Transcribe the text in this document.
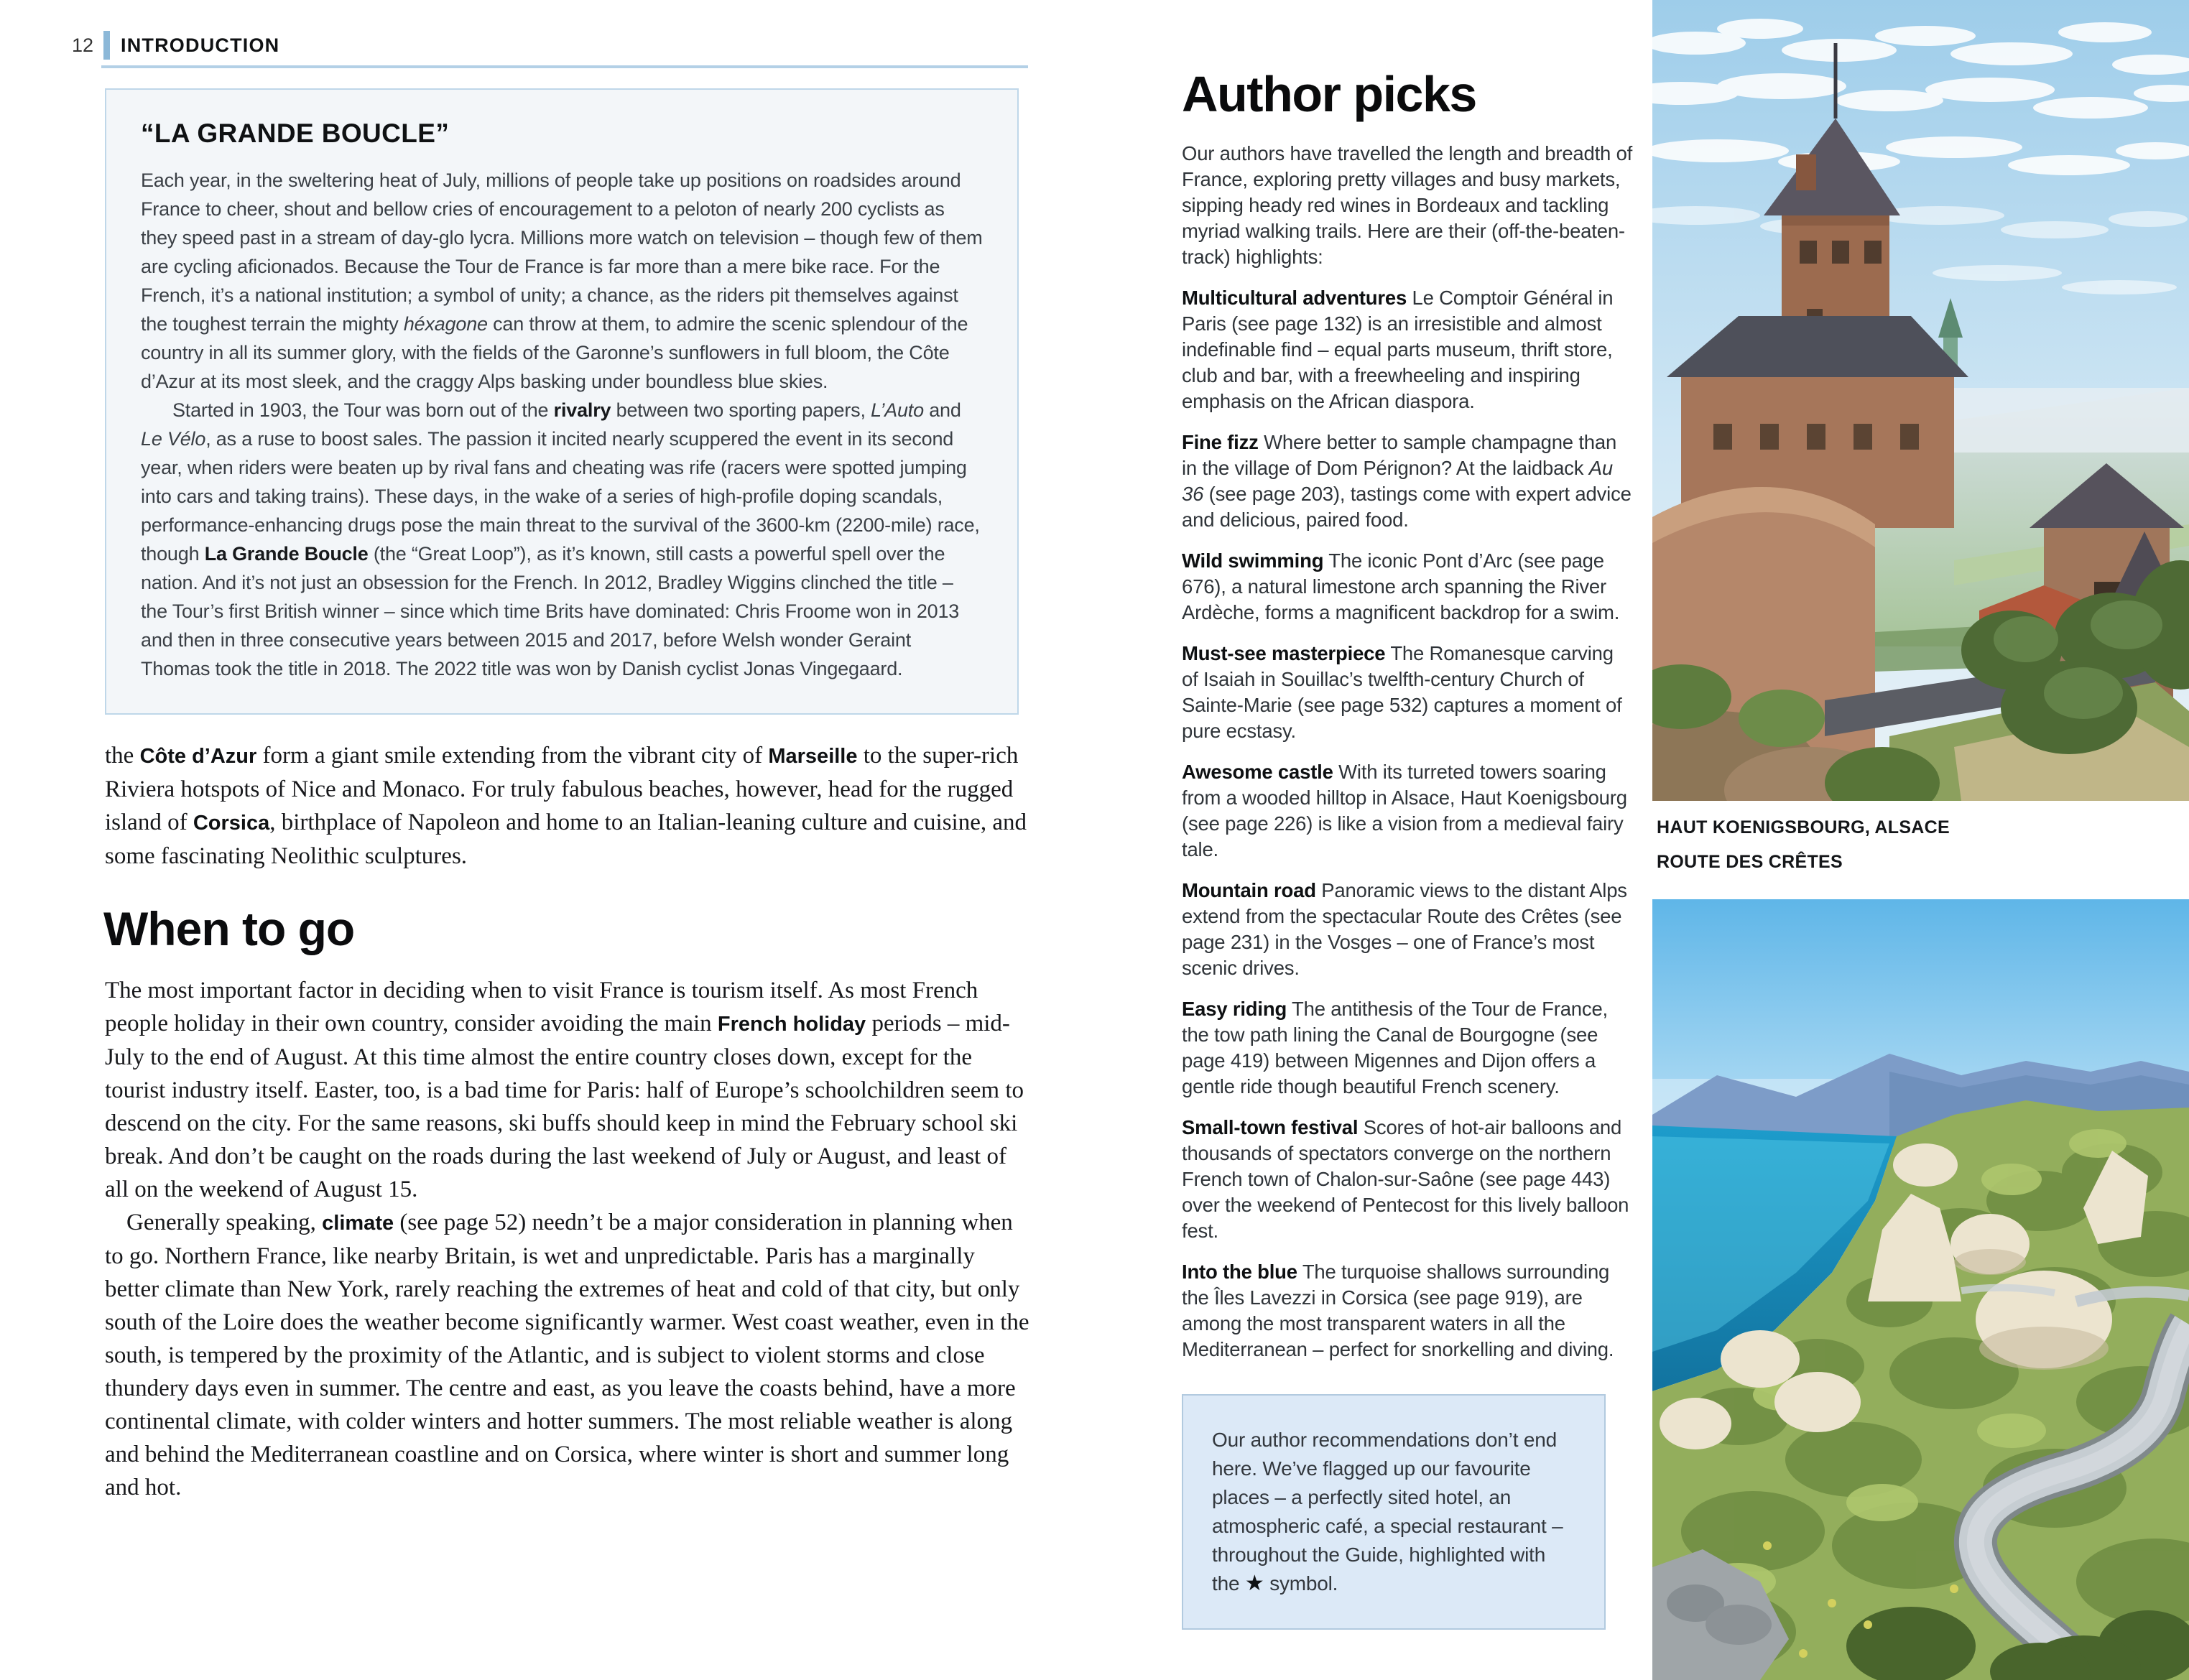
12	INTRODUCTION
“LA GRANDE BOUCLE”

Each year, in the sweltering heat of July, millions of people take up positions on roadsides around France to cheer, shout and bellow cries of encouragement to a peloton of nearly 200 cyclists as they speed past in a stream of day-glo lycra. Millions more watch on television – though few of them are cycling aficionados. Because the Tour de France is far more than a mere bike race. For the French, it’s a national institution; a symbol of unity; a chance, as the riders pit themselves against the toughest terrain the mighty héxagone can throw at them, to admire the scenic splendour of the country in all its summer glory, with the fields of the Garonne’s sunflowers in full bloom, the Côte d’Azur at its most sleek, and the craggy Alps basking under boundless blue skies.

Started in 1903, the Tour was born out of the rivalry between two sporting papers, L’Auto and Le Vélo, as a ruse to boost sales. The passion it incited nearly scuppered the event in its second year, when riders were beaten up by rival fans and cheating was rife (racers were spotted jumping into cars and taking trains). These days, in the wake of a series of high-profile doping scandals, performance-enhancing drugs pose the main threat to the survival of the 3600-km (2200-mile) race, though La Grande Boucle (the “Great Loop”), as it’s known, still casts a powerful spell over the nation. And it’s not just an obsession for the French. In 2012, Bradley Wiggins clinched the title – the Tour’s first British winner – since which time Brits have dominated: Chris Froome won in 2013 and then in three consecutive years between 2015 and 2017, before Welsh wonder Geraint Thomas took the title in 2018. The 2022 title was won by Danish cyclist Jonas Vingegaard.

the Côte d’Azur form a giant smile extending from the vibrant city of Marseille to the super-rich Riviera hotspots of Nice and Monaco. For truly fabulous beaches, however, head for the rugged island of Corsica, birthplace of Napoleon and home to an Italian-leaning culture and cuisine, and some fascinating Neolithic sculptures.

When to go

The most important factor in deciding when to visit France is tourism itself. As most French people holiday in their own country, consider avoiding the main French holiday periods – mid-July to the end of August. At this time almost the entire country closes down, except for the tourist industry itself. Easter, too, is a bad time for Paris: half of Europe’s schoolchildren seem to descend on the city. For the same reasons, ski buffs should keep in mind the February school ski break. And don’t be caught on the roads during the last weekend of July or August, and least of all on the weekend of August 15.

Generally speaking, climate (see page 52) needn’t be a major consideration in planning when to go. Northern France, like nearby Britain, is wet and unpredictable. Paris has a marginally better climate than New York, rarely reaching the extremes of heat and cold of that city, but only south of the Loire does the weather become significantly warmer. West coast weather, even in the south, is tempered by the proximity of the Atlantic, and is subject to violent storms and close thundery days even in summer. The centre and east, as you leave the coasts behind, have a more continental climate, with colder winters and hotter summers. The most reliable weather is along and behind the Mediterranean coastline and on Corsica, where winter is short and summer long and hot.

Author picks

Our authors have travelled the length and breadth of France, exploring pretty villages and busy markets, sipping heady red wines in Bordeaux and tackling myriad walking trails. Here are their (off-the-beaten-track) highlights:

Multicultural adventures Le Comptoir Général in Paris (see page 132) is an irresistible and almost indefinable find – equal parts museum, thrift store, club and bar, with a freewheeling and inspiring emphasis on the African diaspora.

Fine fizz Where better to sample champagne than in the village of Dom Pérignon? At the laidback Au 36 (see page 203), tastings come with expert advice and delicious, paired food.

Wild swimming The iconic Pont d’Arc (see page 676), a natural limestone arch spanning the River Ardèche, forms a magnificent backdrop for a swim.

Must-see masterpiece The Romanesque carving of Isaiah in Souillac’s twelfth-century Church of Sainte-Marie (see page 532) captures a moment of pure ecstasy.

Awesome castle With its turreted towers soaring from a wooded hilltop in Alsace, Haut Koenigsbourg (see page 226) is like a vision from a medieval fairy tale.

Mountain road Panoramic views to the distant Alps extend from the spectacular Route des Crêtes (see page 231) in the Vosges – one of France’s most scenic drives.

Easy riding The antithesis of the Tour de France, the tow path lining the Canal de Bourgogne (see page 419) between Migennes and Dijon offers a gentle ride though beautiful French scenery.

Small-town festival Scores of hot-air balloons and thousands of spectators converge on the northern French town of Chalon-sur-Saône (see page 443) over the weekend of Pentecost for this lively balloon fest.

Into the blue The turquoise shallows surrounding the Îles Lavezzi in Corsica (see page 919), are among the most transparent waters in all the Mediterranean – perfect for snorkelling and diving.

Our author recommendations don’t end here. We’ve flagged up our favourite places – a perfectly sited hotel, an atmospheric café, a special restaurant – throughout the Guide, highlighted with the ★ symbol.

HAUT KOENIGSBOURG, ALSACE
ROUTE DES CRÊTES
